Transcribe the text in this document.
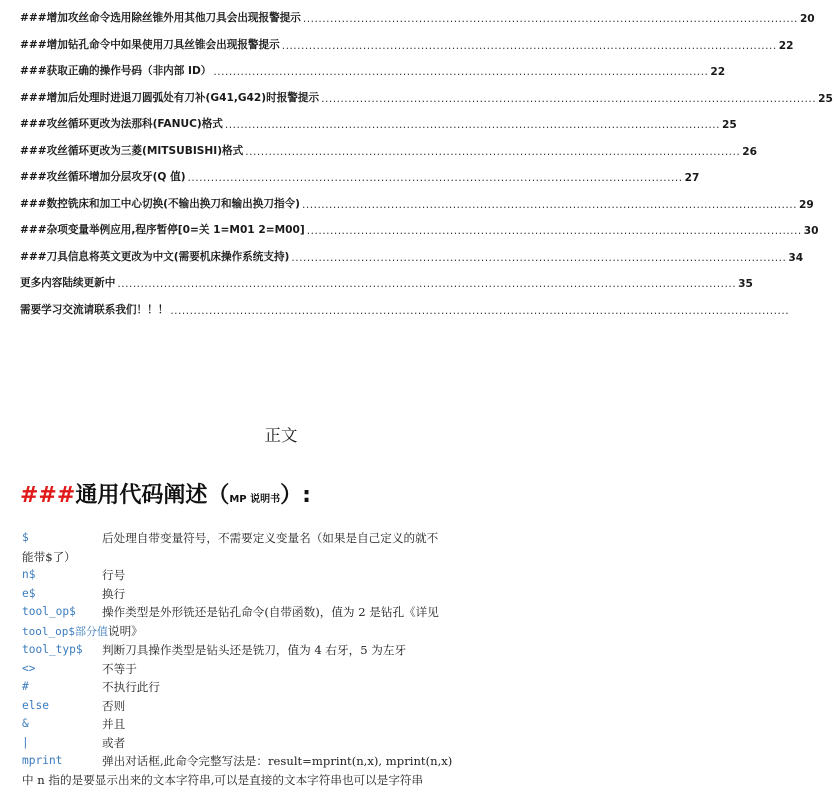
###增加攻丝命令选用除丝锥外用其他刀具会出现报警提示 ................................................................................................................................ 20
###增加钻孔命令中如果使用刀具丝锥会出现报警提示 ................................................................................................................................ 22
###获取正确的操作号码（非内部 ID） ................................................................................................................................ 22
###增加后处理时进退刀圆弧处有刀补(G41,G42)时报警提示 ................................................................................................................................ 25
###攻丝循环更改为法那科(FANUC)格式 ................................................................................................................................ 25
###攻丝循环更改为三菱(MITSUBISHI)格式 ................................................................................................................................ 26
###攻丝循环增加分层攻牙(Q 值) ................................................................................................................................ 27
###数控铣床和加工中心切换(不输出换刀和输出换刀指令) ................................................................................................................................ 29
###杂项变量举例应用,程序暂停[0=关 1=M01 2=M00] ................................................................................................................................ 30
###刀具信息将英文更改为中文(需要机床操作系统支持) ................................................................................................................................ 34
更多内容陆续更新中 ................................................................................................................................................................ 35
需要学习交流请联系我们！！！ ................................................................................................................................................................
正文
###通用代码阐述（MP 说明书）:
$	后处理自带变量符号，不需要定义变量名（如果是自己定义的就不
能带$了）
n$	行号
e$	换行
tool_op$	操作类型是外形铣还是钻孔命令(自带函数)，值为 2 是钻孔《详见
tool_op$部分值说明》
tool_typ$	判断刀具操作类型是钻头还是铣刀，值为 4 右牙，5 为左牙
<>	不等于
#	不执行此行
else	否则
&	并且
|	或者
mprint	弹出对话框,此命令完整写法是：result=mprint(n,x), mprint(n,x)
中 n 指的是要显示出来的文本字符串,可以是直接的文本字符串也可以是字符串
